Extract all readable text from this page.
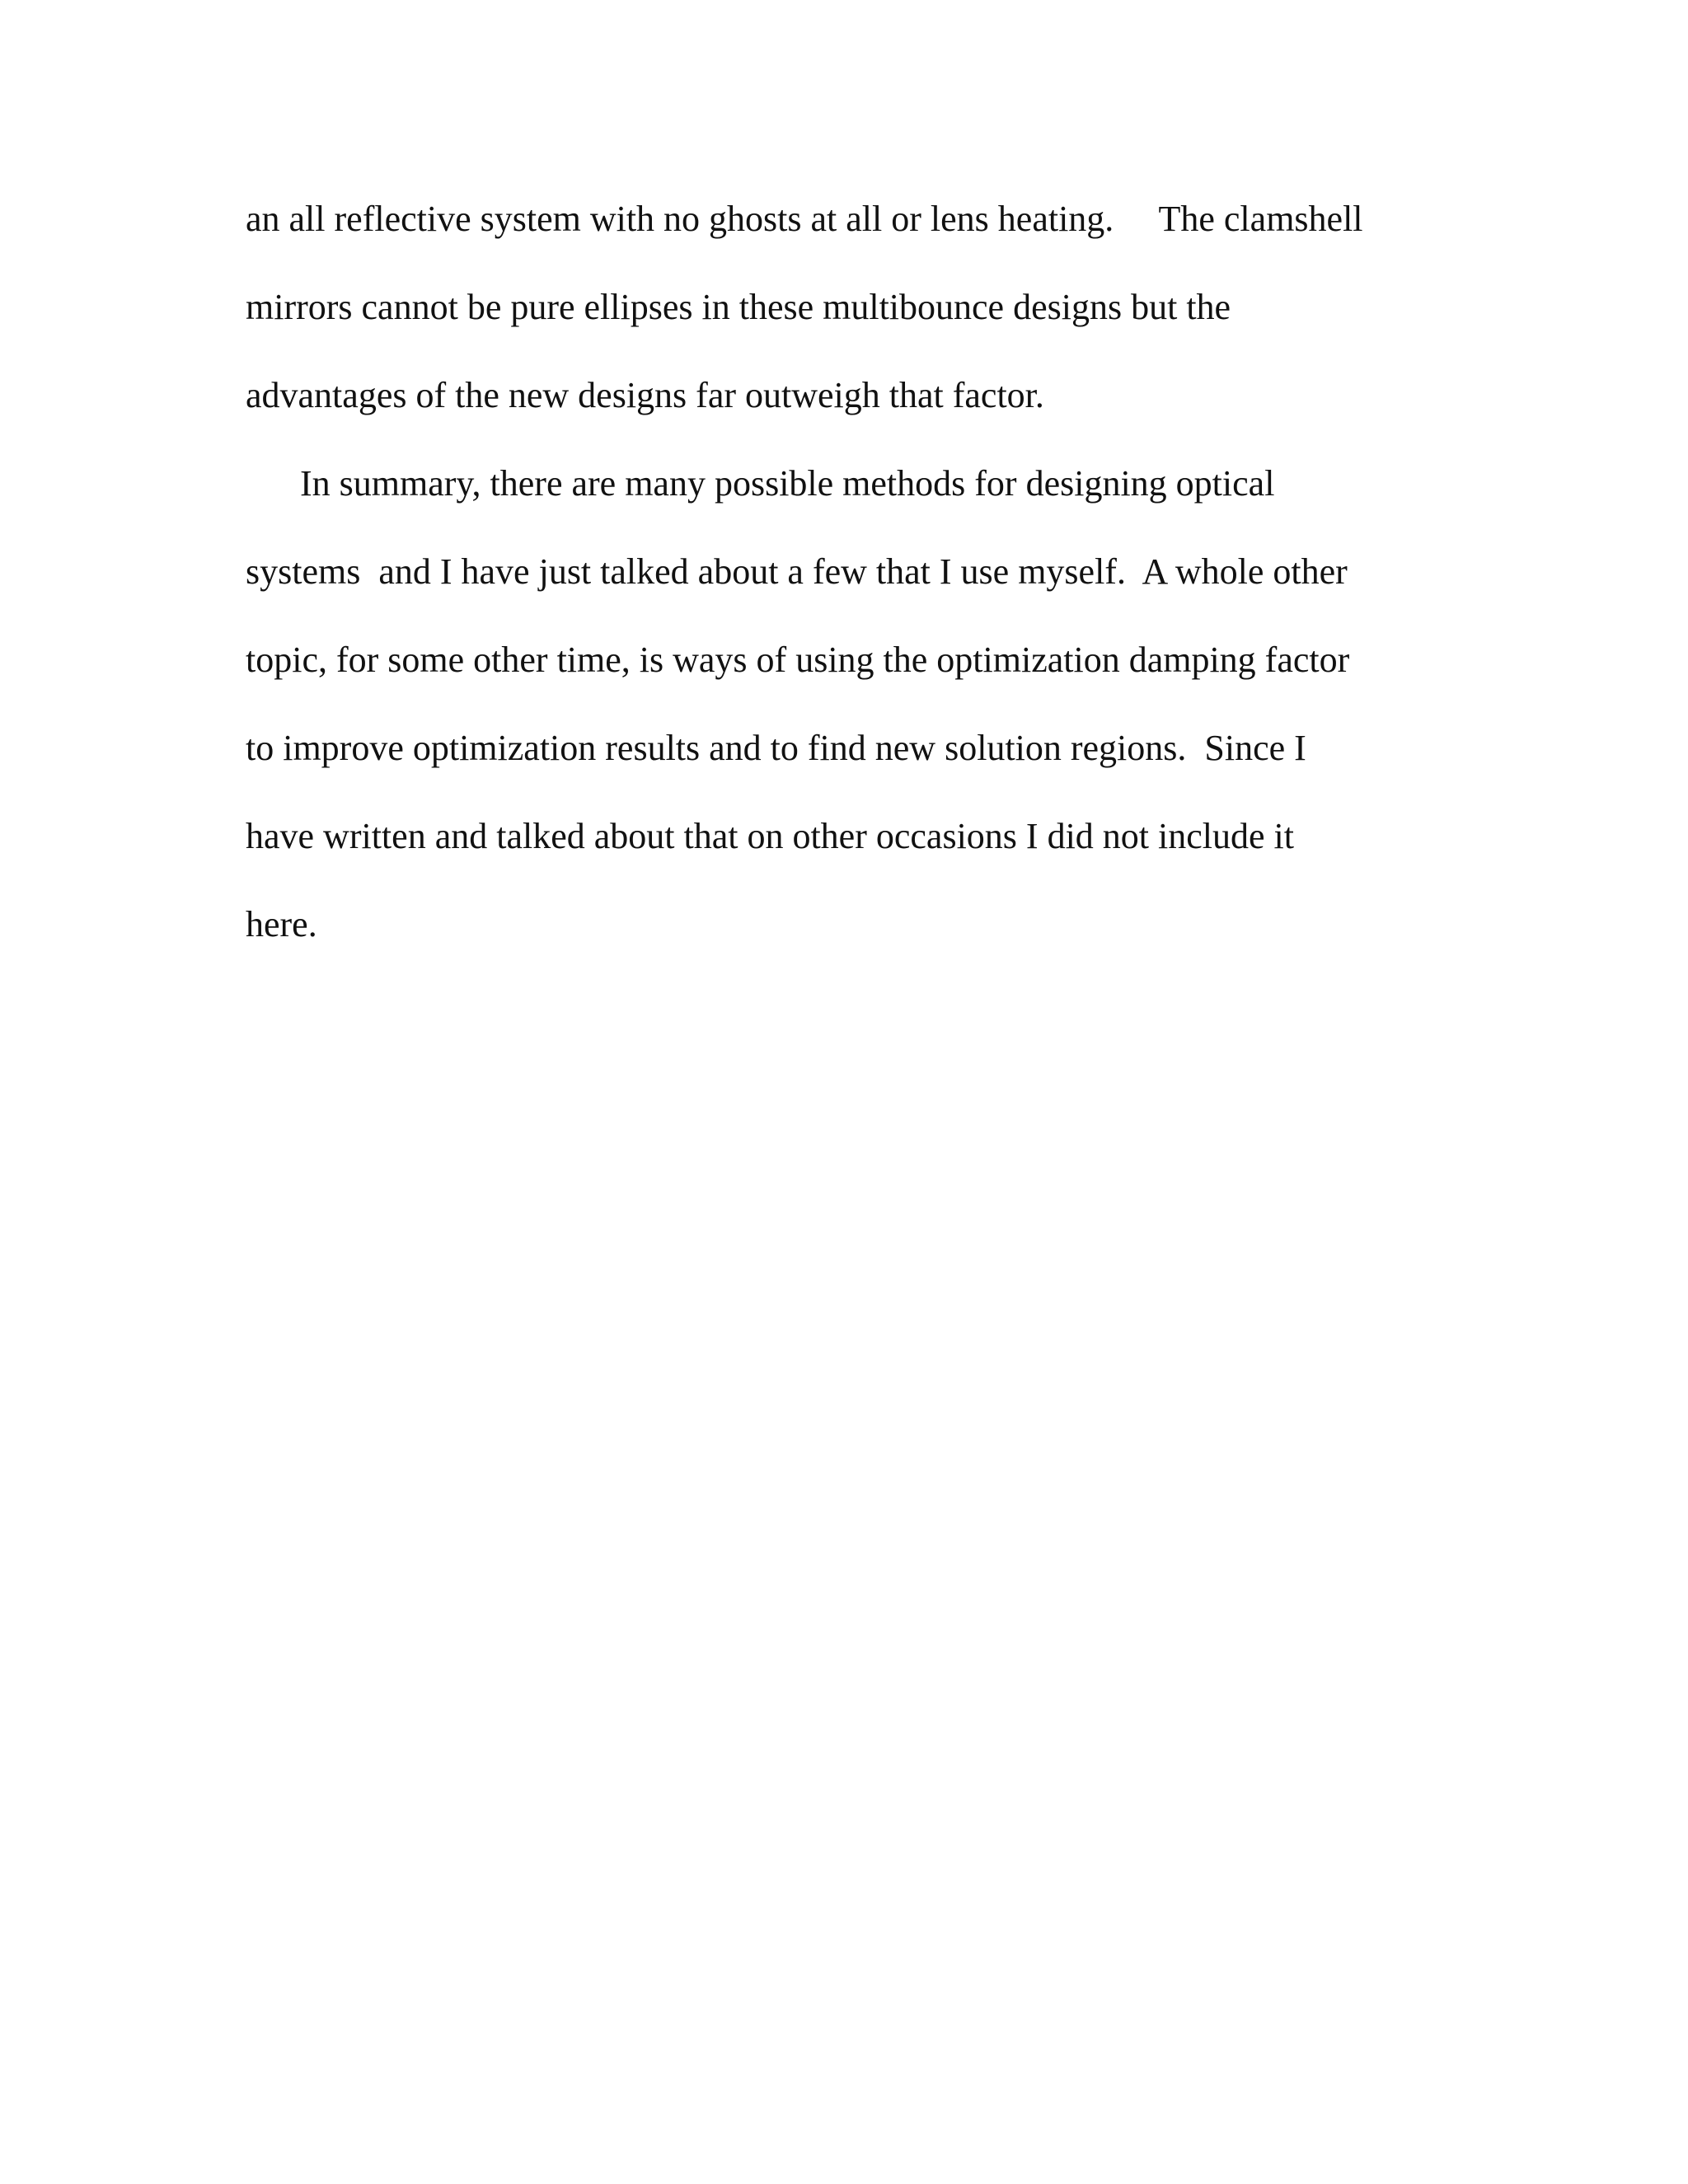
an all reflective system with no ghosts at all or lens heating.     The clamshell
mirrors cannot be pure ellipses in these multibounce designs but the
advantages of the new designs far outweigh that factor.
In summary, there are many possible methods for designing optical
systems  and I have just talked about a few that I use myself.  A whole other
topic, for some other time, is ways of using the optimization damping factor
to improve optimization results and to find new solution regions.  Since I
have written and talked about that on other occasions I did not include it
here.
